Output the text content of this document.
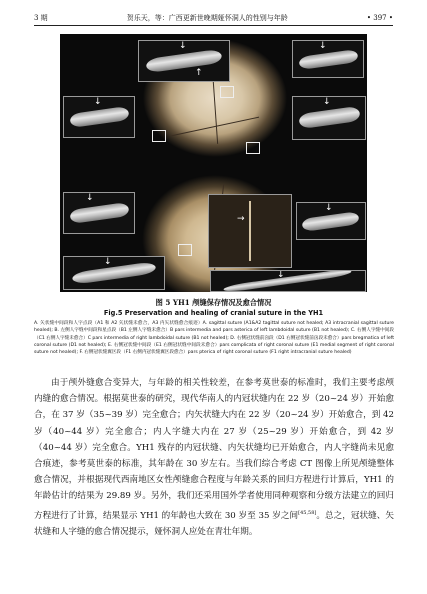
3 期	贺乐天，等：广西更新世晚期娅怀洞人的性别与年龄	• 397 •
↓
↑
↓
↓	↓
↓
→
↓
↓
↓
图 5 YH1 颅缝保存情况及愈合情况
Fig.5 Preservation and healing of cranial suture in the YH1
A. 矢状缝中间段和人字点段（A1 和 A2 矢状缝未愈合，A3 内矢状缝愈合痕迹）A. sagittal suture (A1&A2 tagittal suture not healed; A3 intracranial sagittal suture healed); B. 左侧人字缝中间段和星点段（B1 左侧人字缝未愈合）B pars intermedia and pars asterica of left lambdoidal suture (B1 not healed); C. 右侧人字缝中间段（C1 右侧人字缝未愈合）C pars intermedia of right lambdoidal suture (B1 not healed); D. 右侧冠状缝前囟段（D1 右侧冠状缝前囟段未愈合）pars bregmatica of left coronal suture (D1 not healed); E. 右侧冠状缝中间段（E1 右侧冠状缝中间段未愈合）pars complicata of right coronal suture (E1 medial segment of right coronal suture not healed); F. 右侧冠状缝翼区段（F1 右侧内冠状缝翼区段愈合）pars pterica of right coronal suture (F1 right intracranial suture healed)
由于颅外缝愈合变异大，与年龄的相关性较差，在参考莫世泰的标准时，我们主要考虑颅内缝的愈合情况。根据莫世泰的研究，现代华南人的内冠状缝内在 22 岁（20~24 岁）开始愈合，在 37 岁（35~39 岁）完全愈合；内矢状缝大内在 22 岁（20~24 岁）开始愈合，到 42 岁（40~44 岁）完全愈合；内人字缝大内在 27 岁（25~29 岁）开始愈合，到 42 岁（40~44 岁）完全愈合。YH1 残存的内冠状缝、内矢状缝均已开始愈合，内人字缝尚未见愈合痕迹，参考莫世泰的标准，其年龄在 30 岁左右。当我们综合考虑 CT 图像上所见颅缝整体愈合情况，并根据现代西南地区女性颅缝愈合程度与年龄关系的回归方程进行计算后，YH1 的年龄估计的结果为 29.89 岁。另外，我们还采用国外学者使用同种观察和分级方法建立的回归方程进行了计算，结果显示 YH1 的年龄也大致在 30 岁至 35 岁之间[45,58]。总之，冠状缝、矢状缝和人字缝的愈合情况提示，娅怀洞人应处在青壮年期。
